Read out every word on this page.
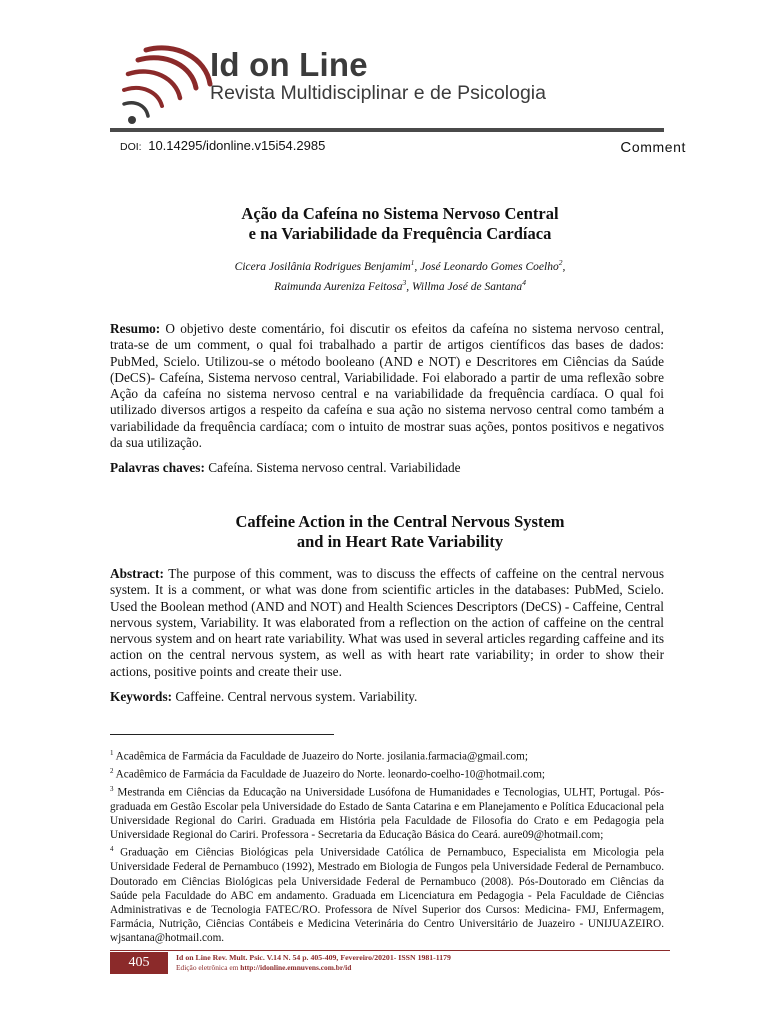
Id on Line
Revista Multidisciplinar e de Psicologia
DOI: 10.14295/idonline.v15i54.2985	Comment
Ação da Cafeína no Sistema Nervoso Central
e na Variabilidade da Frequência Cardíaca
Cicera Josilânia Rodrigues Benjamim$^1$, José Leonardo Gomes Coelho$^2$,
Raimunda Aureniza Feitosa$^3$, Willma José de Santana$^4$
Resumo: O objetivo deste comentário, foi discutir os efeitos da cafeína no sistema nervoso central, trata-se de um comment, o qual foi trabalhado a partir de artigos científicos das bases de dados: PubMed, Scielo. Utilizou-se o método booleano (AND e NOT) e Descritores em Ciências da Saúde (DeCS)- Cafeína, Sistema nervoso central, Variabilidade. Foi elaborado a partir de uma reflexão sobre Ação da cafeína no sistema nervoso central e na variabilidade da frequência cardíaca. O qual foi utilizado diversos artigos a respeito da cafeína e sua ação no sistema nervoso central como também a variabilidade da frequência cardíaca; com o intuito de mostrar suas ações, pontos positivos e negativos da sua utilização.
Palavras chaves: Cafeína. Sistema nervoso central. Variabilidade
Caffeine Action in the Central Nervous System
and in Heart Rate Variability
Abstract: The purpose of this comment, was to discuss the effects of caffeine on the central nervous system. It is a comment, or what was done from scientific articles in the databases: PubMed, Scielo. Used the Boolean method (AND and NOT) and Health Sciences Descriptors (DeCS) - Caffeine, Central nervous system, Variability. It was elaborated from a reflection on the action of caffeine on the central nervous system and on heart rate variability. What was used in several articles regarding caffeine and its action on the central nervous system, as well as with heart rate variability; in order to show their actions, positive points and create their use.
Keywords: Caffeine. Central nervous system. Variability.

$^1$ Acadêmica de Farmácia da Faculdade de Juazeiro do Norte. josilania.farmacia@gmail.com;

$^2$ Acadêmico de Farmácia da Faculdade de Juazeiro do Norte. leonardo-coelho-10@hotmail.com;

$^3$ Mestranda em Ciências da Educação na Universidade Lusófona de Humanidades e Tecnologias, ULHT, Portugal. Pós-graduada em Gestão Escolar pela Universidade do Estado de Santa Catarina e em Planejamento e Política Educacional pela Universidade Regional do Cariri. Graduada em História pela Faculdade de Filosofia do Crato e em Pedagogia pela Universidade Regional do Cariri. Professora - Secretaria da Educação Básica do Ceará. aure09@hotmail.com;

$^4$ Graduação em Ciências Biológicas pela Universidade Católica de Pernambuco, Especialista em Micologia pela Universidade Federal de Pernambuco (1992), Mestrado em Biologia de Fungos pela Universidade Federal de Pernambuco. Doutorado em Ciências Biológicas pela Universidade Federal de Pernambuco (2008). Pós-Doutorado em Ciências da Saúde pela Faculdade do ABC em andamento. Graduada em Licenciatura em Pedagogia - Pela Faculdade de Ciências Administrativas e de Tecnologia FATEC/RO. Professora de Nível Superior dos Cursos: Medicina- FMJ, Enfermagem, Farmácia, Nutrição, Ciências Contábeis e Medicina Veterinária do Centro Universitário de Juazeiro - UNIJUAZEIRO. wjsantana@hotmail.com.

405	Id on Line Rev. Mult. Psic. V.14 N. 54 p. 405-409, Fevereiro/20201- ISSN 1981-1179
Edição eletrônica em http://idonline.emnuvens.com.br/id
